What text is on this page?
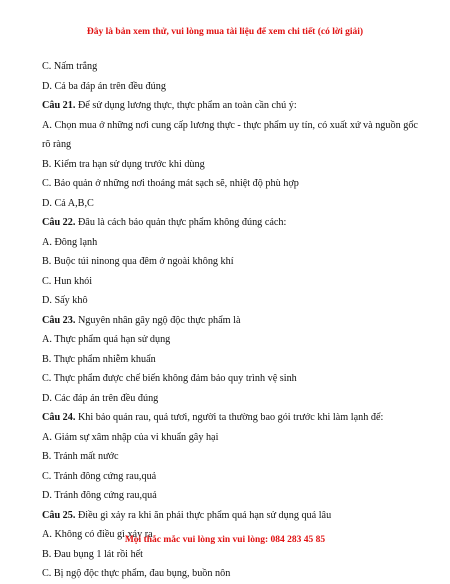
Đây là bản xem thử, vui lòng mua tài liệu để xem chi tiết (có lời giải)
C. Nấm trắng
D. Cả ba đáp án trên đều đúng
Câu 21. Để sử dụng lương thực, thực phẩm an toàn cần chú ý:
A. Chọn mua ở những nơi cung cấp lương thực - thực phẩm uy tín, có xuất xứ và nguồn gốc rõ ràng
B. Kiểm tra hạn sử dụng trước khi dùng
C. Bảo quản ở những nơi thoáng mát sạch sẽ, nhiệt độ phù hợp
D. Cả A,B,C
Câu 22. Đâu là cách bảo quản thực phẩm không đúng cách:
A. Đông lạnh
B. Buộc túi ninong qua đêm ở ngoài không khí
C. Hun khói
D. Sấy khô
Câu 23. Nguyên nhân gây ngộ độc thực phẩm là
A. Thực phẩm quá hạn sử dụng
B. Thực phẩm nhiễm khuẩn
C. Thực phẩm được chế biến không đảm bảo quy trình vệ sinh
D. Các đáp án trên đều đúng
Câu 24. Khi bảo quản rau, quả tươi, người ta thường bao gói trước khi làm lạnh để:
A. Giảm sự xâm nhập của vi khuẩn gây hại
B. Tránh mất nước
C. Tránh đông cứng rau,quả
D. Tránh đông cứng rau,quả
Câu 25. Điều gì xảy ra khi ăn phải thực phẩm quá hạn sử dụng quá lâu
A. Không có điều gì xảy ra
B. Đau bụng 1 lát rồi hết
C. Bị ngộ độc thực phẩm, đau bụng, buồn nôn
Mọi thắc mắc vui lòng xin vui lòng: 084 283 45 85
